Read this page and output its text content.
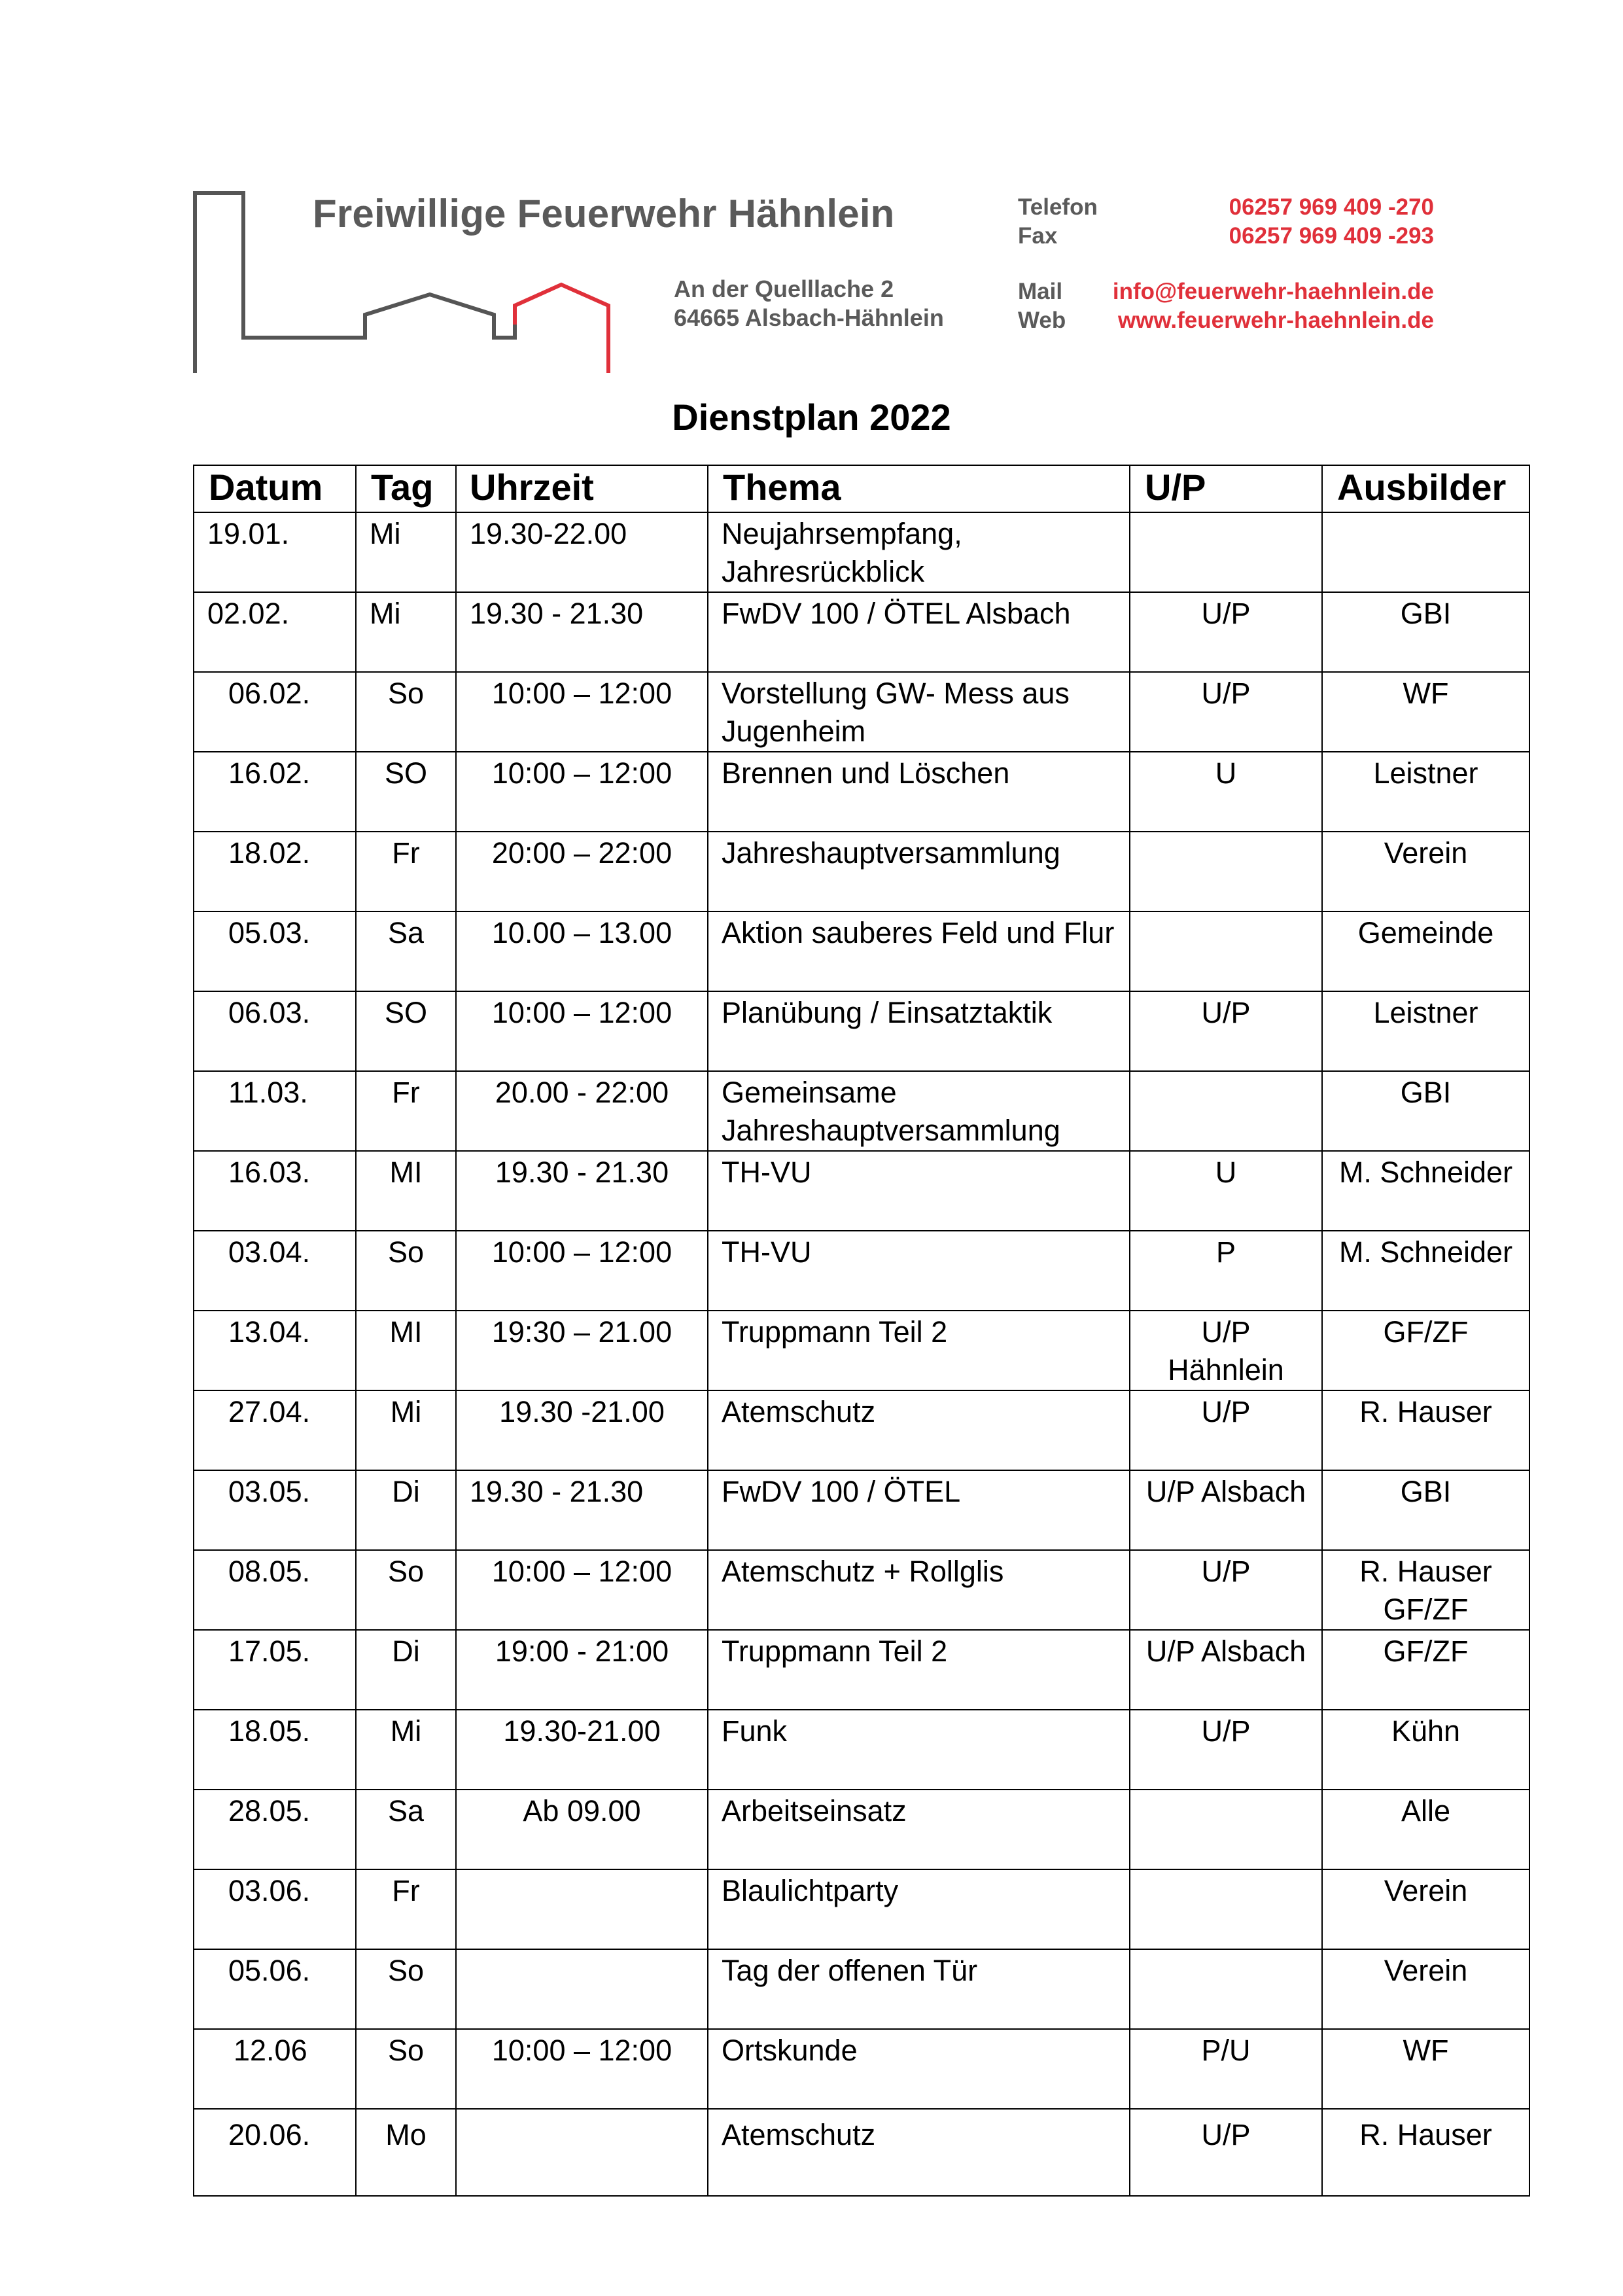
Freiwillige Feuerwehr Hähnlein
An der Quelllache 2
64665 Alsbach-Hähnlein
Telefon
Fax
Mail
Web
06257 969 409 -270
06257 969 409 -293
info@feuerwehr-haehnlein.de
www.feuerwehr-haehnlein.de
Dienstplan 2022
Datum	Tag	Uhrzeit	Thema	U/P	Ausbilder
19.01.	Mi	19.30-22.00	Neujahrsempfang, Jahresrückblick		
02.02.	Mi	19.30 - 21.30	FwDV 100 / ÖTEL Alsbach	U/P	GBI
06.02.	So	10:00 – 12:00	Vorstellung GW- Mess aus Jugenheim	U/P	WF
16.02.	SO	10:00 – 12:00	Brennen und Löschen	U	Leistner
18.02.	Fr	20:00 – 22:00	Jahreshauptversammlung		Verein
05.03.	Sa	10.00 – 13.00	Aktion sauberes Feld und Flur		Gemeinde
06.03.	SO	10:00 – 12:00	Planübung / Einsatztaktik	U/P	Leistner
11.03.	Fr	20.00 - 22:00	Gemeinsame Jahreshauptversammlung		GBI
16.03.	MI	19.30 - 21.30	TH-VU	U	M. Schneider
03.04.	So	10:00 – 12:00	TH-VU	P	M. Schneider
13.04.	MI	19:30 – 21.00	Truppmann Teil 2	U/P Hähnlein	GF/ZF
27.04.	Mi	19.30 -21.00	Atemschutz	U/P	R. Hauser
03.05.	Di	19.30 - 21.30	FwDV 100 / ÖTEL	U/P Alsbach	GBI
08.05.	So	10:00 – 12:00	Atemschutz + Rollglis	U/P	R. Hauser GF/ZF
17.05.	Di	19:00 - 21:00	Truppmann Teil 2	U/P Alsbach	GF/ZF
18.05.	Mi	19.30-21.00	Funk	U/P	Kühn
28.05.	Sa	Ab 09.00	Arbeitseinsatz		Alle
03.06.	Fr		Blaulichtparty		Verein
05.06.	So		Tag der offenen Tür		Verein
12.06	So	10:00 – 12:00	Ortskunde	P/U	WF
20.06.	Mo		Atemschutz	U/P	R. Hauser
